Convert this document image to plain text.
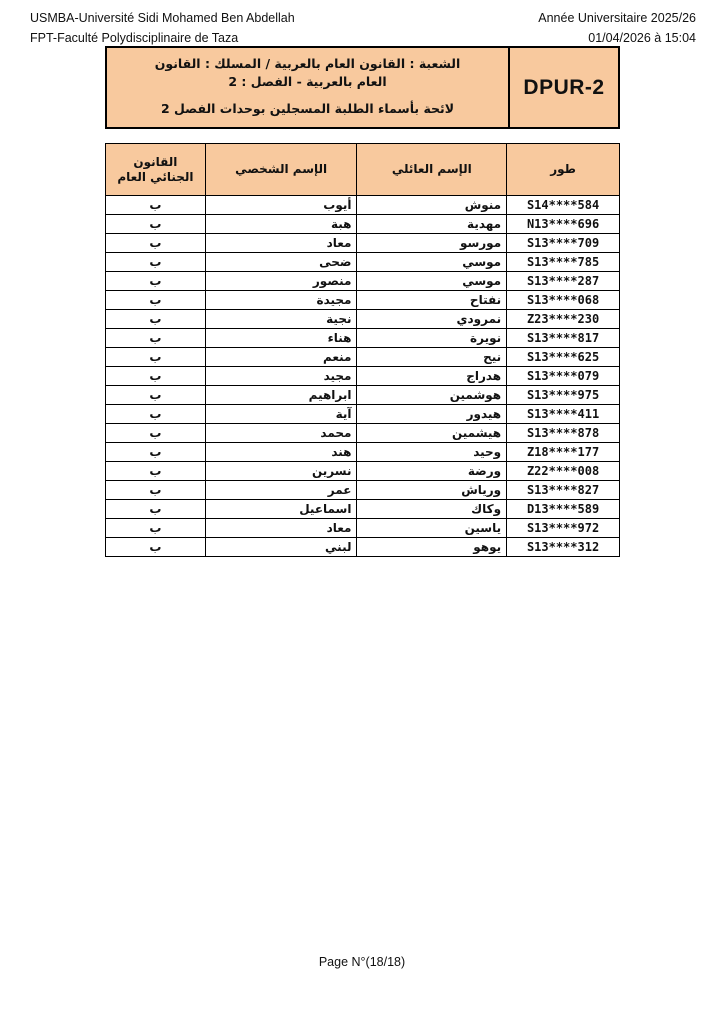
USMBA-Université Sidi Mohamed Ben Abdellah
FPT-Faculté Polydisciplinaire de Taza
Année Universitaire 2025/26
01/04/2026 à 15:04
الشعبة : القانون العام بالعربية / المسلك : القانون
العام بالعربية - الفصل : 2
لائحة بأسماء الطلبة المسجلين بوحدات الفصل 2
DPUR-2
طور	الإسم العائلي	الإسم الشخصي	القانون الجنائي العام
S14****584	منوش	أيوب	ب
N13****696	مهدية	هبة	ب
S13****709	مورسو	معاد	ب
S13****785	موسي	ضحى	ب
S13****287	موسي	منصور	ب
S13****068	نفتاح	مجيدة	ب
Z23****230	نمرودي	نجية	ب
S13****817	نويرة	هناء	ب
S13****625	نيح	منعم	ب
S13****079	هدراج	مجيد	ب
S13****975	هوشمين	ابراهيم	ب
S13****411	هيدور	آية	ب
S13****878	هيشمين	محمد	ب
Z18****177	وحيد	هند	ب
Z22****008	ورضة	نسرين	ب
S13****827	ورياش	عمر	ب
D13****589	وكاك	اسماعيل	ب
S13****972	ياسين	معاد	ب
S13****312	يوهو	لبني	ب
Page N°(18/18)
